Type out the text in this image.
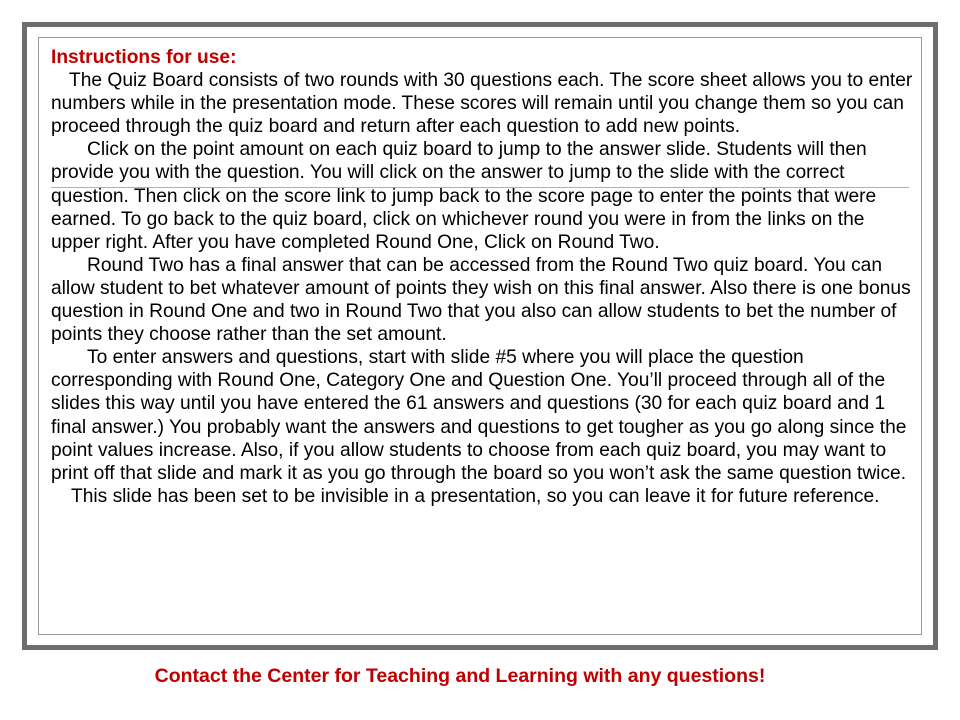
Instructions for use:

The Quiz Board consists of two rounds with 30 questions each. The score sheet allows you to enter numbers while in the presentation mode. These scores will remain until you change them so you can proceed through the quiz board and return after each question to add new points.

Click on the point amount on each quiz board to jump to the answer slide. Students will then provide you with the question. You will click on the answer to jump to the slide with the correct question. Then click on the score link to jump back to the score page to enter the points that were earned. To go back to the quiz board, click on whichever round you were in from the links on the upper right. After you have completed Round One, Click on Round Two.

Round Two has a final answer that can be accessed from the Round Two quiz board. You can allow student to bet whatever amount of points they wish on this final answer. Also there is one bonus question in Round One and two in Round Two that you also can allow students to bet the number of points they choose rather than the set amount.

To enter answers and questions, start with slide #5 where you will place the question corresponding with Round One, Category One and Question One. You’ll proceed through all of the slides this way until you have entered the 61 answers and questions (30 for each quiz board and 1 final answer.) You probably want the answers and questions to get tougher as you go along since the point values increase. Also, if you allow students to choose from each quiz board, you may want to print off that slide and mark it as you go through the board so you won’t ask the same question twice.

This slide has been set to be invisible in a presentation, so you can leave it for future reference.

Contact the Center for Teaching and Learning with any questions!
